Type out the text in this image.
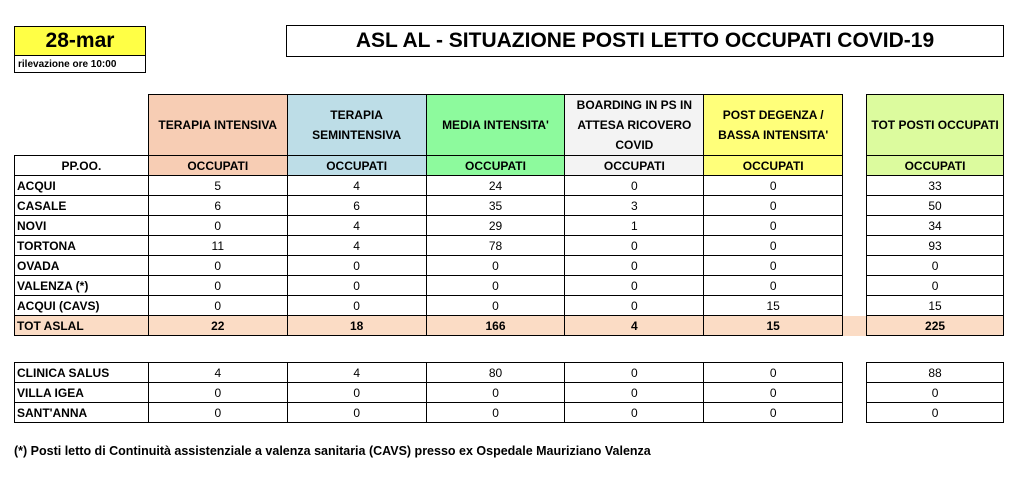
28-mar
rilevazione ore 10:00
ASL AL - SITUAZIONE POSTI LETTO OCCUPATI COVID-19
	TERAPIA INTENSIVA	TERAPIA SEMINTENSIVA	MEDIA INTENSITA'	BOARDING IN PS IN ATTESA RICOVERO COVID	POST DEGENZA / BASSA INTENSITA'		TOT POSTI OCCUPATI
PP.OO.	OCCUPATI	OCCUPATI	OCCUPATI	OCCUPATI	OCCUPATI		OCCUPATI
ACQUI	5	4	24	0	0		33
CASALE	6	6	35	3	0		50
NOVI	0	4	29	1	0		34
TORTONA	11	4	78	0	0		93
OVADA	0	0	0	0	0		0
VALENZA (*)	0	0	0	0	0		0
ACQUI (CAVS)	0	0	0	0	15		15
TOT ASLAL	22	18	166	4	15		225
CLINICA SALUS	4	4	80	0	0		88
VILLA IGEA	0	0	0	0	0		0
SANT'ANNA	0	0	0	0	0		0
(*) Posti letto di Continuità assistenziale a valenza sanitaria (CAVS) presso ex Ospedale Mauriziano Valenza
